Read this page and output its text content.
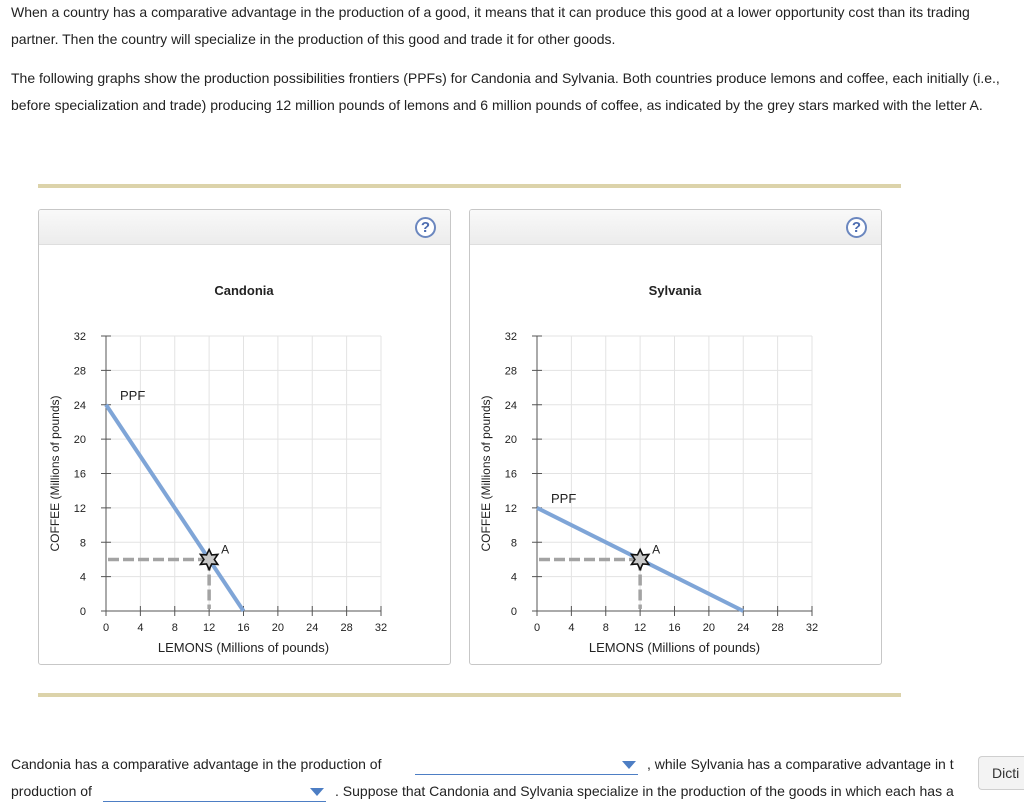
When a country has a comparative advantage in the production of a good, it means that it can produce this good at a lower opportunity cost than its trading partner. Then the country will specialize in the production of this good and trade it for other goods.

The following graphs show the production possibilities frontiers (PPFs) for Candonia and Sylvania. Both countries produce lemons and coffee, each initially (i.e., before specialization and trade) producing 12 million pounds of lemons and 6 million pounds of coffee, as indicated by the grey stars marked with the letter A.

?
0	4	8 12 16 20 24 28 32
0
4
8
12
16
20
24
28
32
Candonia
LEMONS (Millions of pounds)
COFFEE (Millions of pounds)
PPF
A
?
0	4	8 12 16 20 24 28 32
0
4
8
12
16
20
24
28
32
Sylvania
LEMONS (Millions of pounds)
COFFEE (Millions of pounds)	PPF
A
Candonia has a comparative advantage in the production of	, while Sylvania has a comparative advantage in t
production of	. Suppose that Candonia and Sylvania specialize in the production of the goods in which each has a
Dicti
